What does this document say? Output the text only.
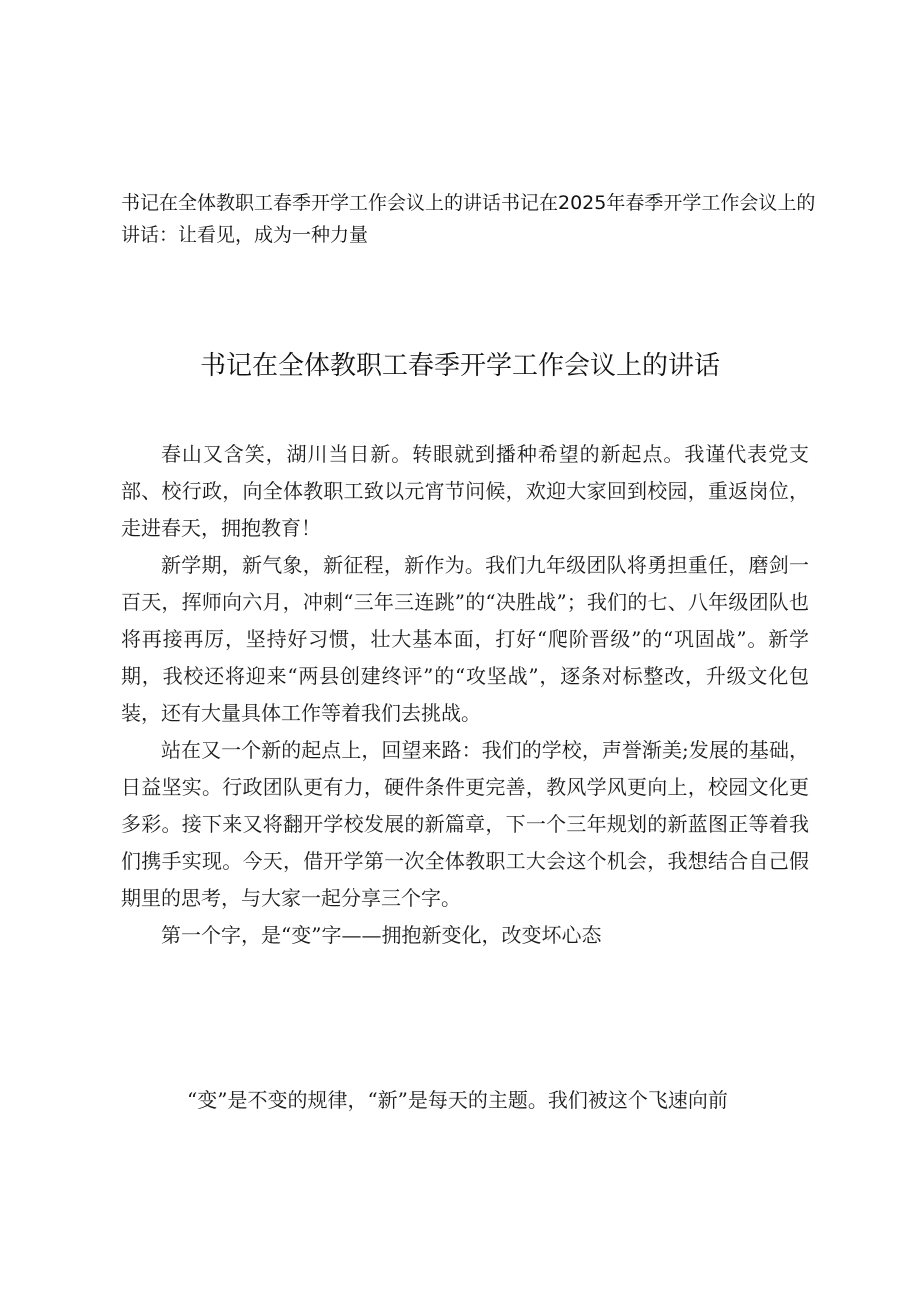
书记在全体教职工春季开学工作会议上的讲话书记在2025年春季开学工作会议上的讲话：让看见，成为一种力量
书记在全体教职工春季开学工作会议上的讲话

春山又含笑，湖川当日新。转眼就到播种希望的新起点。我谨代表党支部、校行政，向全体教职工致以元宵节问候，欢迎大家回到校园，重返岗位，走进春天，拥抱教育！

新学期，新气象，新征程，新作为。我们九年级团队将勇担重任，磨剑一百天，挥师向六月，冲刺“三年三连跳”的“决胜战”；我们的七、八年级团队也将再接再厉，坚持好习惯，壮大基本面，打好“爬阶晋级”的“巩固战”。新学期，我校还将迎来“两县创建终评”的“攻坚战”，逐条对标整改，升级文化包装，还有大量具体工作等着我们去挑战。

站在又一个新的起点上，回望来路：我们的学校，声誉渐美;发展的基础，日益坚实。行政团队更有力，硬件条件更完善，教风学风更向上，校园文化更多彩。接下来又将翻开学校发展的新篇章，下一个三年规划的新蓝图正等着我们携手实现。今天，借开学第一次全体教职工大会这个机会，我想结合自己假期里的思考，与大家一起分享三个字。

第一个字，是“变”字——拥抱新变化，改变坏心态

“变”是不变的规律，“新”是每天的主题。我们被这个飞速向前
